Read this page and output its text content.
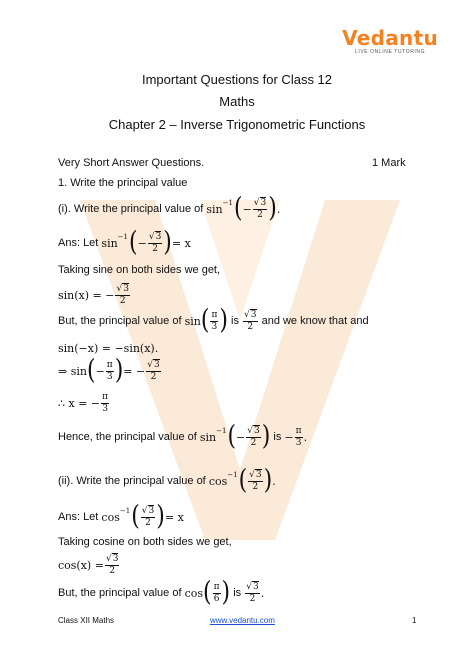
Vedantu
LIVE ONLINE TUTORING
Important Questions for Class 12
Maths
Chapter 2 – Inverse Trigonometric Functions
Very Short Answer Questions.	1 Mark
1. Write the principal value
(i). Write the principal value of
sin −1 ( − $\frac{√3}{2}$ ) .
Ans: Let
sin −1 ( − $\frac{√3}{2}$ ) = x
Taking sine on both sides we get,
sin(x) = − $\frac{√3}{2}$
But, the principal value of
sin ( $\frac{\pi}{3}$ )
is
$\frac{√3}{2}$
and we know that and
sin(−x) = −sin(x).
⇒ sin ( − $\frac{\pi}{3}$ ) = − $\frac{√3}{2}$
∴ x = − $\frac{\pi}{3}$
Hence, the principal value of
sin −1 ( − $\frac{√3}{2}$ )
is
− $\frac{\pi}{3}$ .
(ii). Write the principal value of
cos −1 ( $\frac{√3}{2}$ ) .
Ans: Let
cos −1 ( $\frac{√3}{2}$ ) = x
Taking cosine on both sides we get,
$\cos(x) = \frac{√3}{2}$
But, the principal value of
cos ( $\frac{\pi}{6}$ )
is
$\frac{√3}{2}$ .
Class XII Maths	www.vedantu.com	1
